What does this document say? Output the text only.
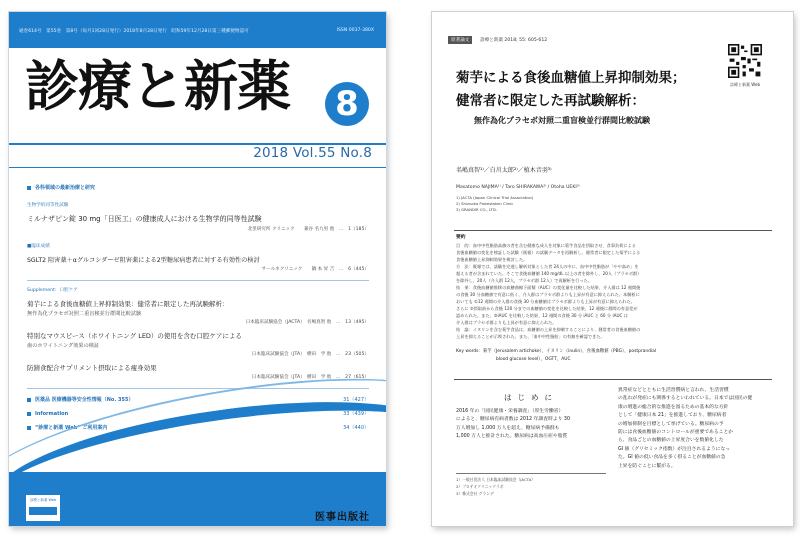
通巻614号　第55巻　第8号（毎月1回28日発行）2018年8月28日発行　昭和59年12月28日第三種郵便物認可	ISSN 0037-380X
診療と新薬 8
2018 Vol.55 No.8
各科領域の最新治療と研究
生物学的同等性試験
ミルナザピン錠 30 mg「日医工」の健康成人における生物学的同等性試験
北里研究所 クリニック　　兼谷 名九男 他　…　1（185）
■臨床成績
SGLT2 阻害薬＋αグルコシダーゼ阻害薬による2型糖尿病患者に対する有効性の検討
サールネクリニック　　鍋 本 昇 吉　…　6（445）
Supplement：口腔ケア
菊芋による食後血糖値上昇抑制効果：健常者に限定した再試験解析：
無作為化プラセボ対照二重盲検並行群間比較試験
日本臨床試験協会（JACTA）　名嶋真智 他　…　13（495）
特別なマウスピース（ホワイトニング LED）の使用を含む口腔ケアによる
歯のホワイトニング効果の検証
日本臨床試験協会（JTA）　横田　学 他　…　23（505）
防錆食配合サプリメント摂取による痩身効果
日本臨床試験協会（JTA）　横田　学 他　…　27（615）
医薬品 医療機器等安全性情報（No. 355）	31（427）
Information	33（439）
“診療と新薬 Web” ご利用案内	34（440）
診療と新薬 Web
医事出版社
原著論文	診療と新薬 2018; 55: 605-612
診療と新薬 Web
菊芋による食後血糖値上昇抑制効果；
健常者に限定した再試験解析：
無作為化プラセボ対照二重盲検並行群間比較試験
名嶋真智¹⁾／白川太郎²⁾／植木音羽³⁾
Masatomo NAJIMA¹⁾ / Taro SHIRAKAWA²⁾ / Otoha UEKI³⁾
1) JACTA (Japan Clinical Trial Association)
2) Shizuoka Protestaken Clinic
3) GRANDIR CO., LTD.
要約
目　的：血中中性脂肪高値の者を含む健康な成人を対象に菊芋食品を摂取させ、食事負荷による
食後血糖値の変化を検証した試験（既報）の試験データを再解析し、健常者に限定した菊芋による
食後血糖値上昇抑制効果を検討した。
方　法：既報では、試験を完遂し解析対象とした者 24人の中に、血中中性脂肪が「やや高め」を
超える者が含まれていた。そこで食後血糖値 140 mg/dL 以上の者を除外し、20人（プラセボ群）
を除外し、20人（介入群 12人，プラセボ群 12人）で再解析を行った。
結　果：食後血糖値推移の血糖曲線下面積（AUC）の変化量を比較した結果、介入群は 12 週間後
の食後 30 分血糖値で有意に低く、介入群はプラセボ群よりも上昇が有意に抑えられた。本解析に
おいても ①12 週間の介入群の食後 30 分血糖値はプラセボ群よりも上昇が有意に抑えられた。
さらに ②摂取前から食後 120 分までの血糖値の変化を比較した結果、12 週後に群間の有意差が
認められた。また、③iAUC を比較した結果、12 週間の食後 30 分 iAUC と 60 分 iAUC は
介入群はプラセボ群よりも上昇が有意に抑えられた。
結　論：イヌリンを含む菊芋食品は、血糖値の上昇を抑制することにより、健常者の食後血糖値の
上昇を抑えることが示唆された。また、「血中中性脂肪」の有無を確認できた。
Key words：菊芋（Jerusalem artichoke），イヌリン（inulin），食後血糖値（PBG），postprandial
blood glucose level），OGTT，AUC
はじめに
2016 年の「国民健康・栄養調査」（厚生労働省）
によると、糖尿病有病者数は 2012 年調査時より 30
万人増加し 1,000 万人を超え、糖尿病予備群も
1,000 万人と推計された。糖尿病は高血圧症や脂質
異常症などとともに生活習慣病と言われ、生活習慣
の乱れが発症にも関係するといわれている。日本では国民の健
康の増進の総合的な推進を図るための基本的な方針
として「健康日本 21」を推進しており、糖尿病者
の増加抑制を目標として挙げている。糖尿病の予
防には食後血糖値のコントロールが重要であることか
ら、食品ごとの血糖値の上昇度合いを数値化した
GI 値（グリセミック指数）が注目されるようになっ
た。GI 値の低い食品を多く摂ることが血糖値の急
上昇を防ぐことに繋がる。
1）一般社団法人 日本臨床試験協会（JACTA）
2）プロテオクリニックラボ
3）株式会社 グランデ
